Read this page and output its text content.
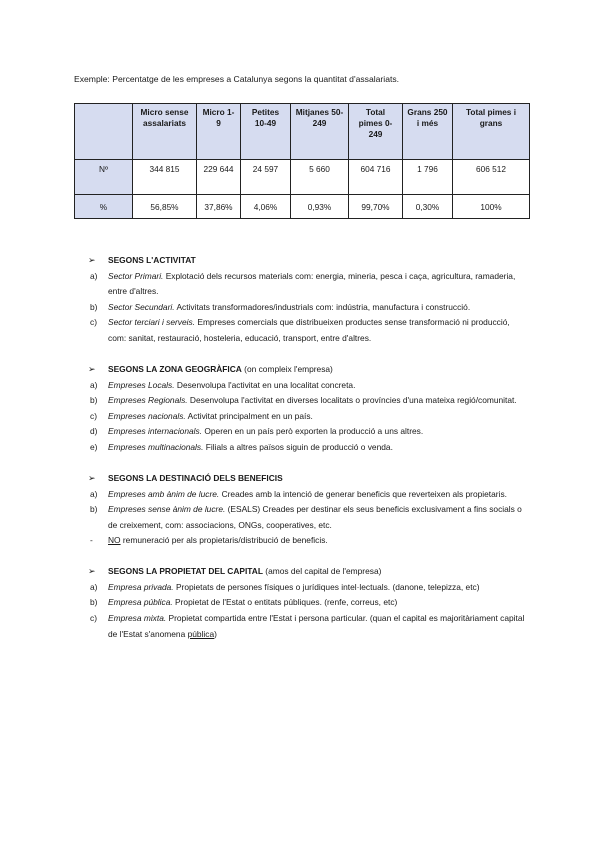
Exemple: Percentatge de les empreses a Catalunya segons la quantitat d'assalariats.
	Micro sense assalariats	Micro 1-9	Petites 10-49	Mitjanes 50-249	Total pimes 0-249	Grans 250 i més	Total pimes i grans
Nº	344 815	229 644	24 597	5 660	604 716	1 796	606 512
%	56,85%	37,86%	4,06%	0,93%	99,70%	0,30%	100%
➢ SEGONS L'ACTIVITAT
a) Sector Primari. Explotació dels recursos materials com: energia, mineria, pesca i caça, agricultura, ramaderia, entre d'altres.
b) Sector Secundari. Activitats transformadores/industrials com: indústria, manufactura i construcció.
c) Sector terciari i serveis. Empreses comercials que distribueixen productes sense transformació ni producció, com: sanitat, restauració, hosteleria, educació, transport, entre d'altres.
➢ SEGONS LA ZONA GEOGRÀFICA (on compleix l'empresa)
a) Empreses Locals. Desenvolupa l'activitat en una localitat concreta.
b) Empreses Regionals. Desenvolupa l'activitat en diverses localitats o províncies d'una mateixa regió/comunitat.
c) Empreses nacionals. Activitat principalment en un país.
d) Empreses internacionals. Operen en un país però exporten la producció a uns altres.
e) Empreses multinacionals. Filials a altres països siguin de producció o venda.
➢ SEGONS LA DESTINACIÓ DELS BENEFICIS
a) Empreses amb ànim de lucre. Creades amb la intenció de generar beneficis que reverteixen als propietaris.
b) Empreses sense ànim de lucre. (ESALS) Creades per destinar els seus beneficis exclusivament a fins socials o de creixement, com: associacions, ONGs, cooperatives, etc.
- NO remuneració per als propietaris/distribució de beneficis.
➢ SEGONS LA PROPIETAT DEL CAPITAL (amos del capital de l'empresa)
a) Empresa privada. Propietats de persones físiques o jurídiques intel·lectuals. (danone, telepizza, etc)
b) Empresa pública. Propietat de l'Estat o entitats públiques. (renfe, correus, etc)
c) Empresa mixta. Propietat compartida entre l'Estat i persona particular. (quan el capital es majoritàriament capital de l'Estat s'anomena pública)
